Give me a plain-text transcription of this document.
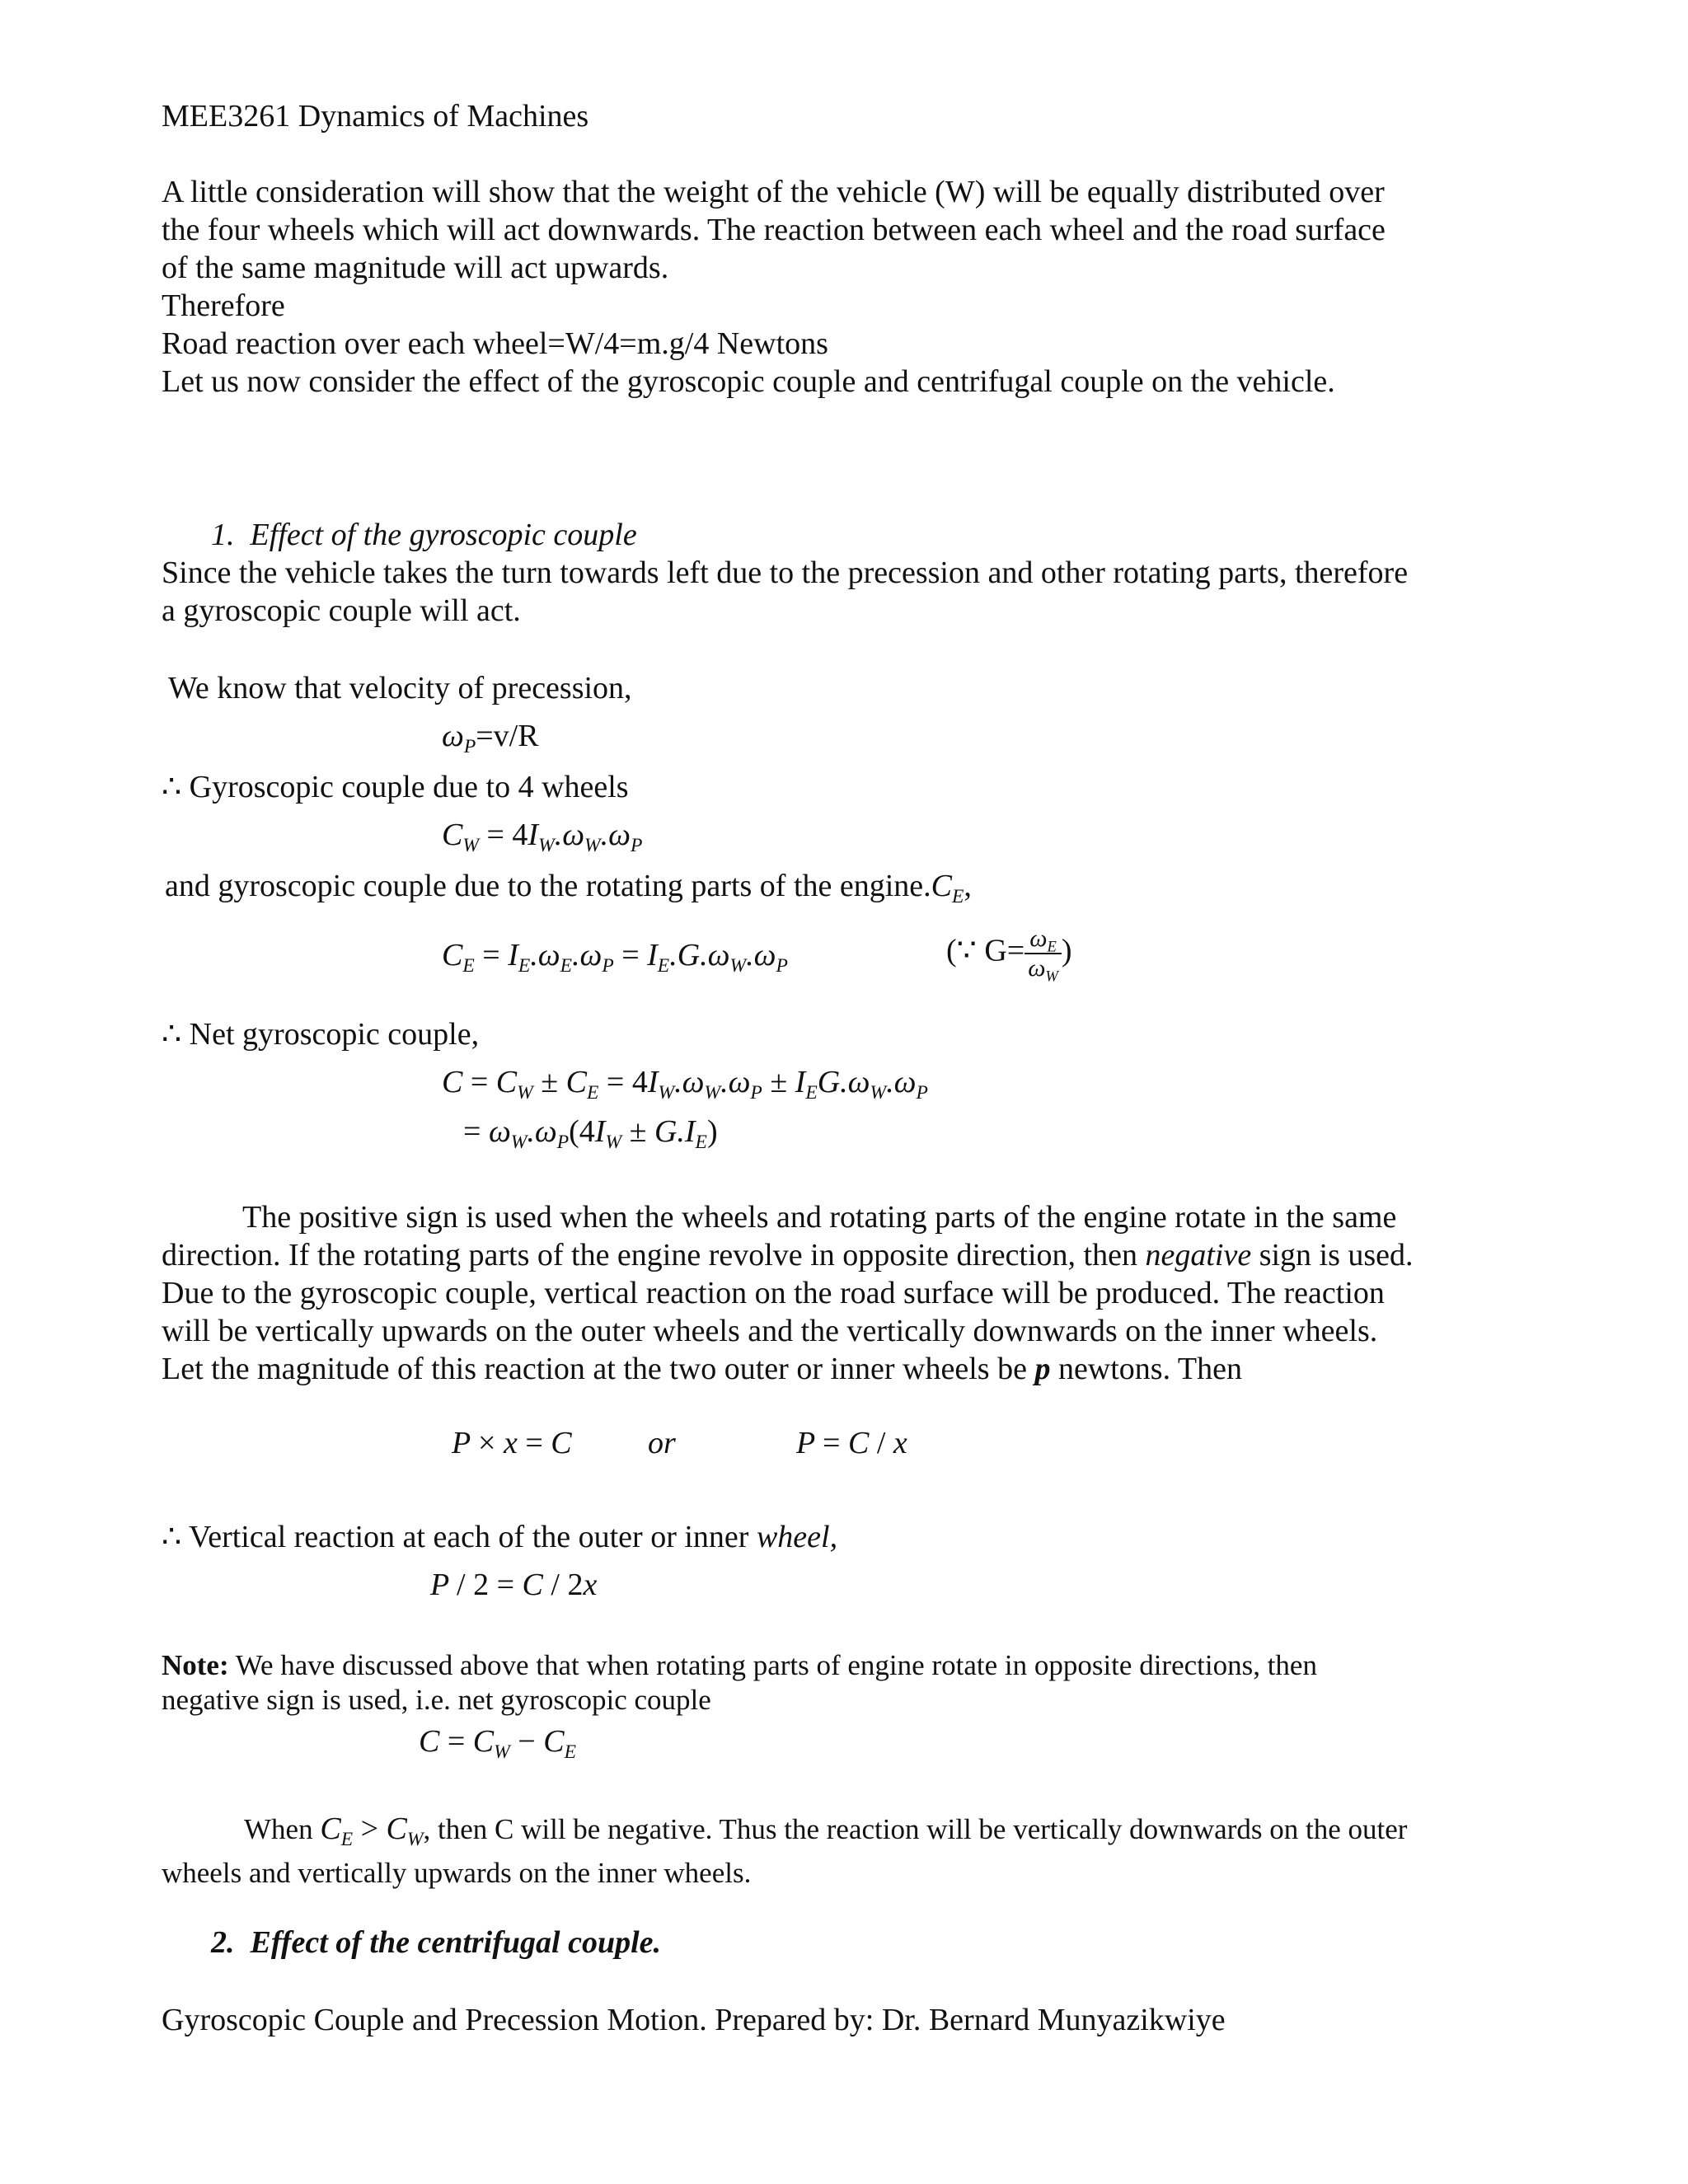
MEE3261 Dynamics of Machines
A little consideration will show that the weight of the vehicle (W) will be equally distributed over
the four wheels which will act downwards. The reaction between each wheel and the road surface
of the same magnitude will act upwards.
Therefore
Road reaction over each wheel=W/4=m.g/4 Newtons
Let us now consider the effect of the gyroscopic couple and centrifugal couple on the vehicle.
1. Effect of the gyroscopic couple
Since the vehicle takes the turn towards left due to the precession and other rotating parts, therefore
a gyroscopic couple will act.
We know that velocity of precession,
$\omega_P=v/R$
∴ Gyroscopic couple due to 4 wheels
$C_W = 4I_W.\omega_W.\omega_P$
and gyroscopic couple due to the rotating parts of the $engine.C_E$,
$C_E = I_E.\omega_E.\omega_P = I_E.G.\omega_W.\omega_P$	(∵ $G= \frac{\omega_E}{\omega_W}$ )
∴ Net gyroscopic couple,
$C = C_W \pm C_E = 4I_W.\omega_W.\omega_P \pm I_EG.\omega_W.\omega_P$
= $\omega_W.\omega_P(4I_W \pm G.I_E)$
The positive sign is used when the wheels and rotating parts of the engine rotate in the same
direction. If the rotating parts of the engine revolve in opposite direction, then negative sign is used.
Due to the gyroscopic couple, vertical reaction on the road surface will be produced. The reaction
will be vertically upwards on the outer wheels and the vertically downwards on the inner wheels.
Let the magnitude of this reaction at the two outer or inner wheels be p newtons. Then
P × x = C or	P = C / x
∴ Vertical reaction at each of the outer or inner wheel,
P / 2 = C / 2x
Note: We have discussed above that when rotating parts of engine rotate in opposite directions, then
negative sign is used, i.e. net gyroscopic couple
$C = C_W - C_E$
When $C_E > C_W$, then C will be negative. Thus the reaction will be vertically downwards on the outer
wheels and vertically upwards on the inner wheels.
2. Effect of the centrifugal couple.
Gyroscopic Couple and Precession Motion. Prepared by: Dr. Bernard Munyazikwiye
